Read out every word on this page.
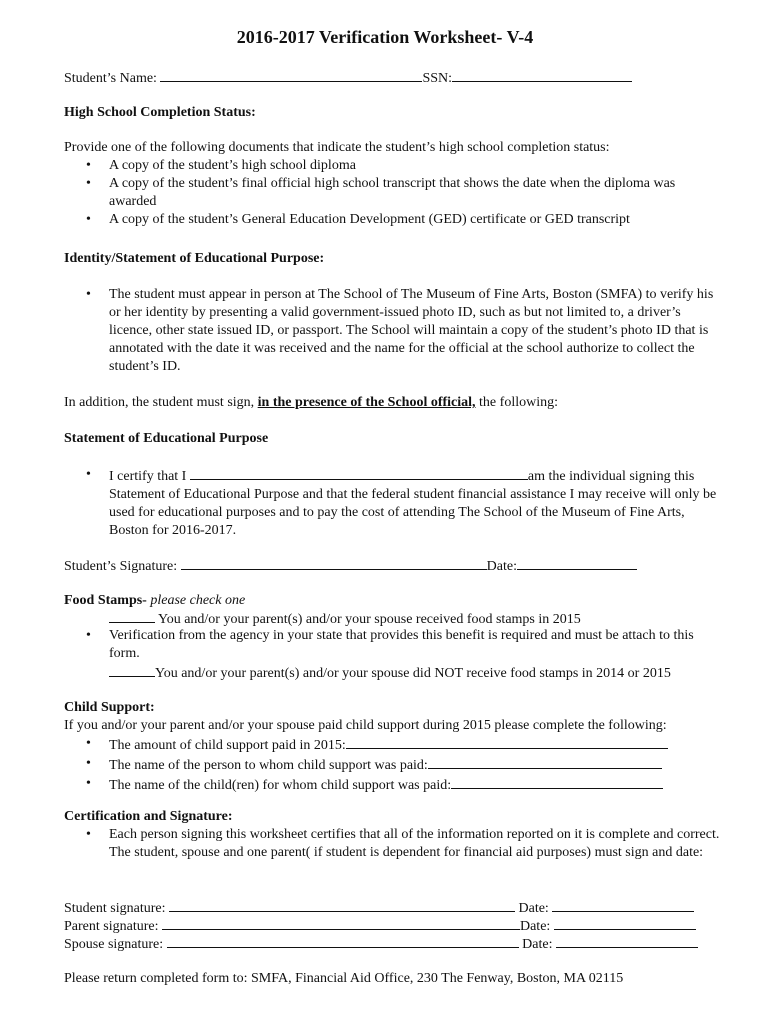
2016-2017 Verification Worksheet- V-4
Student’s Name:	SSN:
High School Completion Status:
Provide one of the following documents that indicate the student’s high school completion status:
• A copy of the student’s high school diploma
• A copy of the student’s final official high school transcript that shows the date when the diploma was awarded
• A copy of the student’s General Education Development (GED) certificate or GED transcript
Identity/Statement of Educational Purpose:
• The student must appear in person at The School of The Museum of Fine Arts, Boston (SMFA) to verify his or her identity by presenting a valid government-issued photo ID, such as but not limited to, a driver’s licence, other state issued ID, or passport. The School will maintain a copy of the student’s photo ID that is annotated with the date it was received and the name for the official at the school authorize to collect the student’s ID.
In addition, the student must sign, in the presence of the School official, the following:
Statement of Educational Purpose
• I certify that I	am the individual signing this
Statement of Educational Purpose and that the federal student financial assistance I may receive will only be used for educational purposes and to pay the cost of attending The School of the Museum of Fine Arts, Boston for 2016-2017.
Student’s Signature:	Date:
Food Stamps- please check one
You and/or your parent(s) and/or your spouse received food stamps in 2015
• Verification from the agency in your state that provides this benefit is required and must be attach to this form.
You and/or your parent(s) and/or your spouse did NOT receive food stamps in 2014 or 2015
Child Support:
If you and/or your parent and/or your spouse paid child support during 2015 please complete the following:
• The amount of child support paid in 2015:
• The name of the person to whom child support was paid:
• The name of the child(ren) for whom child support was paid:
Certification and Signature:
• Each person signing this worksheet certifies that all of the information reported on it is complete and correct. The student, spouse and one parent( if student is dependent for financial aid purposes) must sign and date:
Student signature:	Date:
Parent signature:	Date:
Spouse signature:	Date:
Please return completed form to: SMFA, Financial Aid Office, 230 The Fenway, Boston, MA 02115
